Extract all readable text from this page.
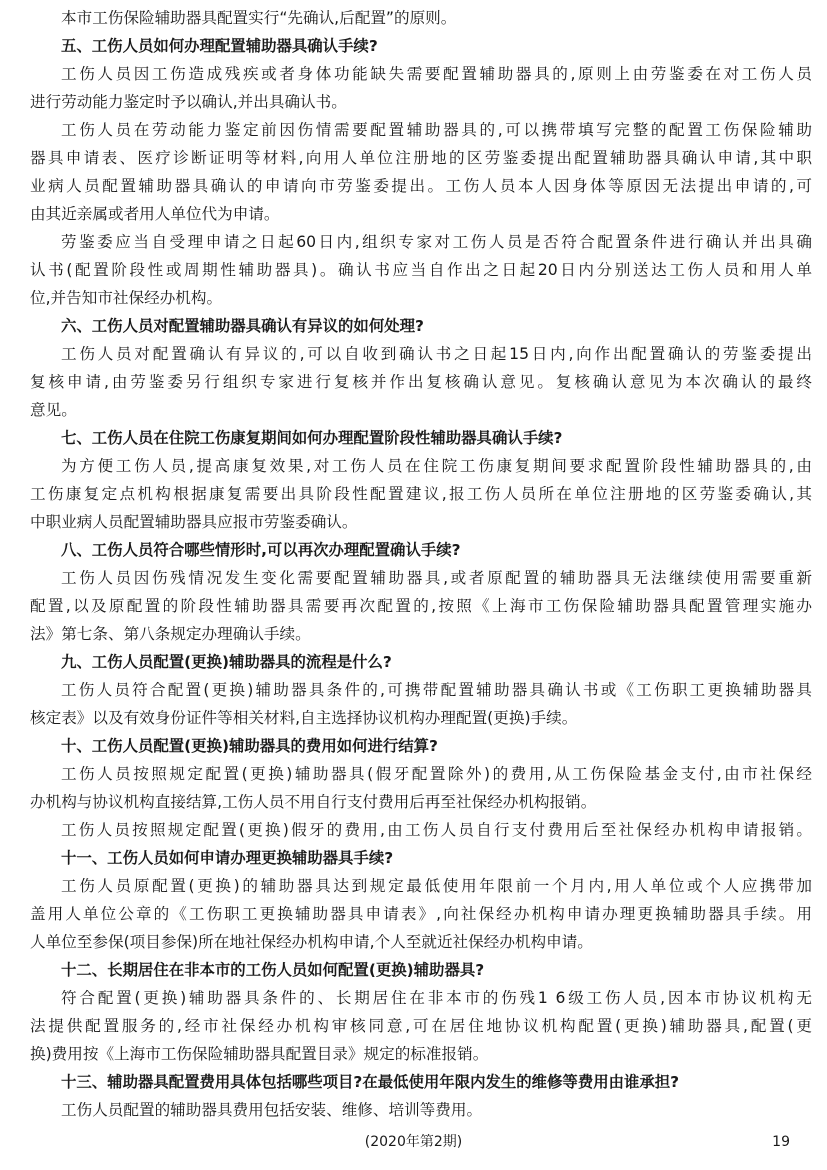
本市工伤保险辅助器具配置实行“先确认,后配置”的原则。

五、工伤人员如何办理配置辅助器具确认手续?

工伤人员因工伤造成残疾或者身体功能缺失需要配置辅助器具的,原则上由劳鉴委在对工伤人员

进行劳动能力鉴定时予以确认,并出具确认书。

工伤人员在劳动能力鉴定前因伤情需要配置辅助器具的,可以携带填写完整的配置工伤保险辅助

器具申请表、医疗诊断证明等材料,向用人单位注册地的区劳鉴委提出配置辅助器具确认申请,其中职

业病人员配置辅助器具确认的申请向市劳鉴委提出。工伤人员本人因身体等原因无法提出申请的,可

由其近亲属或者用人单位代为申请。

劳鉴委应当自受理申请之日起60日内,组织专家对工伤人员是否符合配置条件进行确认并出具确

认书(配置阶段性或周期性辅助器具)。确认书应当自作出之日起20日内分别送达工伤人员和用人单

位,并告知市社保经办机构。

六、工伤人员对配置辅助器具确认有异议的如何处理?

工伤人员对配置确认有异议的,可以自收到确认书之日起15日内,向作出配置确认的劳鉴委提出

复核申请,由劳鉴委另行组织专家进行复核并作出复核确认意见。复核确认意见为本次确认的最终

意见。

七、工伤人员在住院工伤康复期间如何办理配置阶段性辅助器具确认手续?

为方便工伤人员,提高康复效果,对工伤人员在住院工伤康复期间要求配置阶段性辅助器具的,由

工伤康复定点机构根据康复需要出具阶段性配置建议,报工伤人员所在单位注册地的区劳鉴委确认,其

中职业病人员配置辅助器具应报市劳鉴委确认。

八、工伤人员符合哪些情形时,可以再次办理配置确认手续?

工伤人员因伤残情况发生变化需要配置辅助器具,或者原配置的辅助器具无法继续使用需要重新

配置,以及原配置的阶段性辅助器具需要再次配置的,按照《上海市工伤保险辅助器具配置管理实施办

法》第七条、第八条规定办理确认手续。

九、工伤人员配置(更换)辅助器具的流程是什么?

工伤人员符合配置(更换)辅助器具条件的,可携带配置辅助器具确认书或《工伤职工更换辅助器具

核定表》以及有效身份证件等相关材料,自主选择协议机构办理配置(更换)手续。

十、工伤人员配置(更换)辅助器具的费用如何进行结算?

工伤人员按照规定配置(更换)辅助器具(假牙配置除外)的费用,从工伤保险基金支付,由市社保经

办机构与协议机构直接结算,工伤人员不用自行支付费用后再至社保经办机构报销。

工伤人员按照规定配置(更换)假牙的费用,由工伤人员自行支付费用后至社保经办机构申请报销。

十一、工伤人员如何申请办理更换辅助器具手续?

工伤人员原配置(更换)的辅助器具达到规定最低使用年限前一个月内,用人单位或个人应携带加

盖用人单位公章的《工伤职工更换辅助器具申请表》,向社保经办机构申请办理更换辅助器具手续。用

人单位至参保(项目参保)所在地社保经办机构申请,个人至就近社保经办机构申请。

十二、长期居住在非本市的工伤人员如何配置(更换)辅助器具?

符合配置(更换)辅助器具条件的、长期居住在非本市的伤残1 6级工伤人员,因本市协议机构无

法提供配置服务的,经市社保经办机构审核同意,可在居住地协议机构配置(更换)辅助器具,配置(更

换)费用按《上海市工伤保险辅助器具配置目录》规定的标准报销。

十三、辅助器具配置费用具体包括哪些项目?在最低使用年限内发生的维修等费用由谁承担?

工伤人员配置的辅助器具费用包括安装、维修、培训等费用。

(2020年第2期)	19
